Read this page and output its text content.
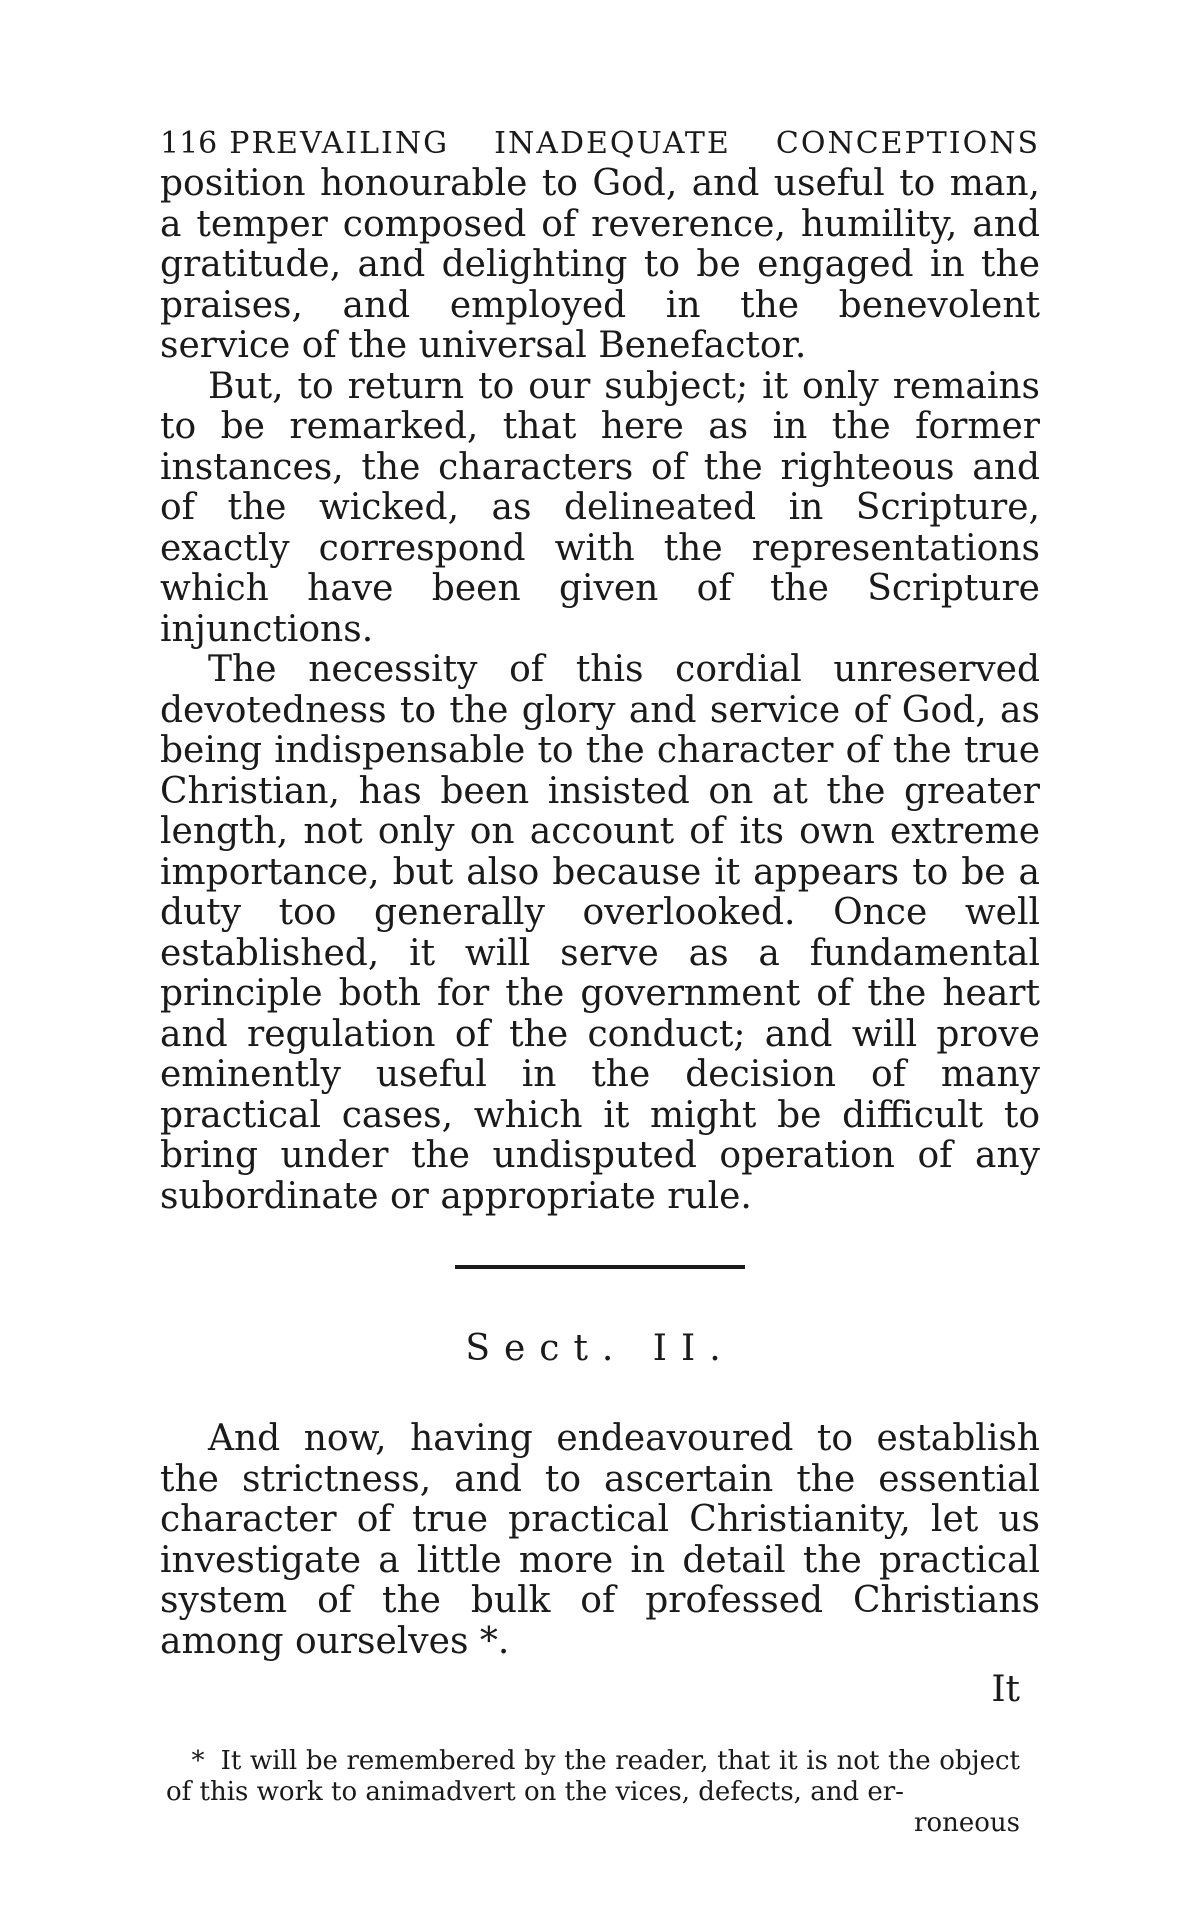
116 PREVAILING INADEQUATE CONCEPTIONS

position honourable to God, and useful to man, a temper composed of reverence, humility, and gratitude, and delighting to be engaged in the praises, and employed in the benevolent service of the universal Benefactor.

But, to return to our subject; it only remains to be remarked, that here as in the former instances, the characters of the righteous and of the wicked, as delineated in Scripture, exactly correspond with the representations which have been given of the Scripture injunctions.

The necessity of this cordial unreserved devotedness to the glory and service of God, as being indispensable to the character of the true Christian, has been insisted on at the greater length, not only on account of its own extreme importance, but also because it appears to be a duty too generally overlooked. Once well established, it will serve as a fundamental principle both for the government of the heart and regulation of the conduct; and will prove eminently useful in the decision of many practical cases, which it might be difficult to bring under the undisputed operation of any subordinate or appropriate rule.

Sect. II.

And now, having endeavoured to establish the strictness, and to ascertain the essential character of true practical Christianity, let us investigate a little more in detail the practical system of the bulk of professed Christians among ourselves *.

It
* It will be remembered by the reader, that it is not the object of this work to animadvert on the vices, defects, and er-
roneous
